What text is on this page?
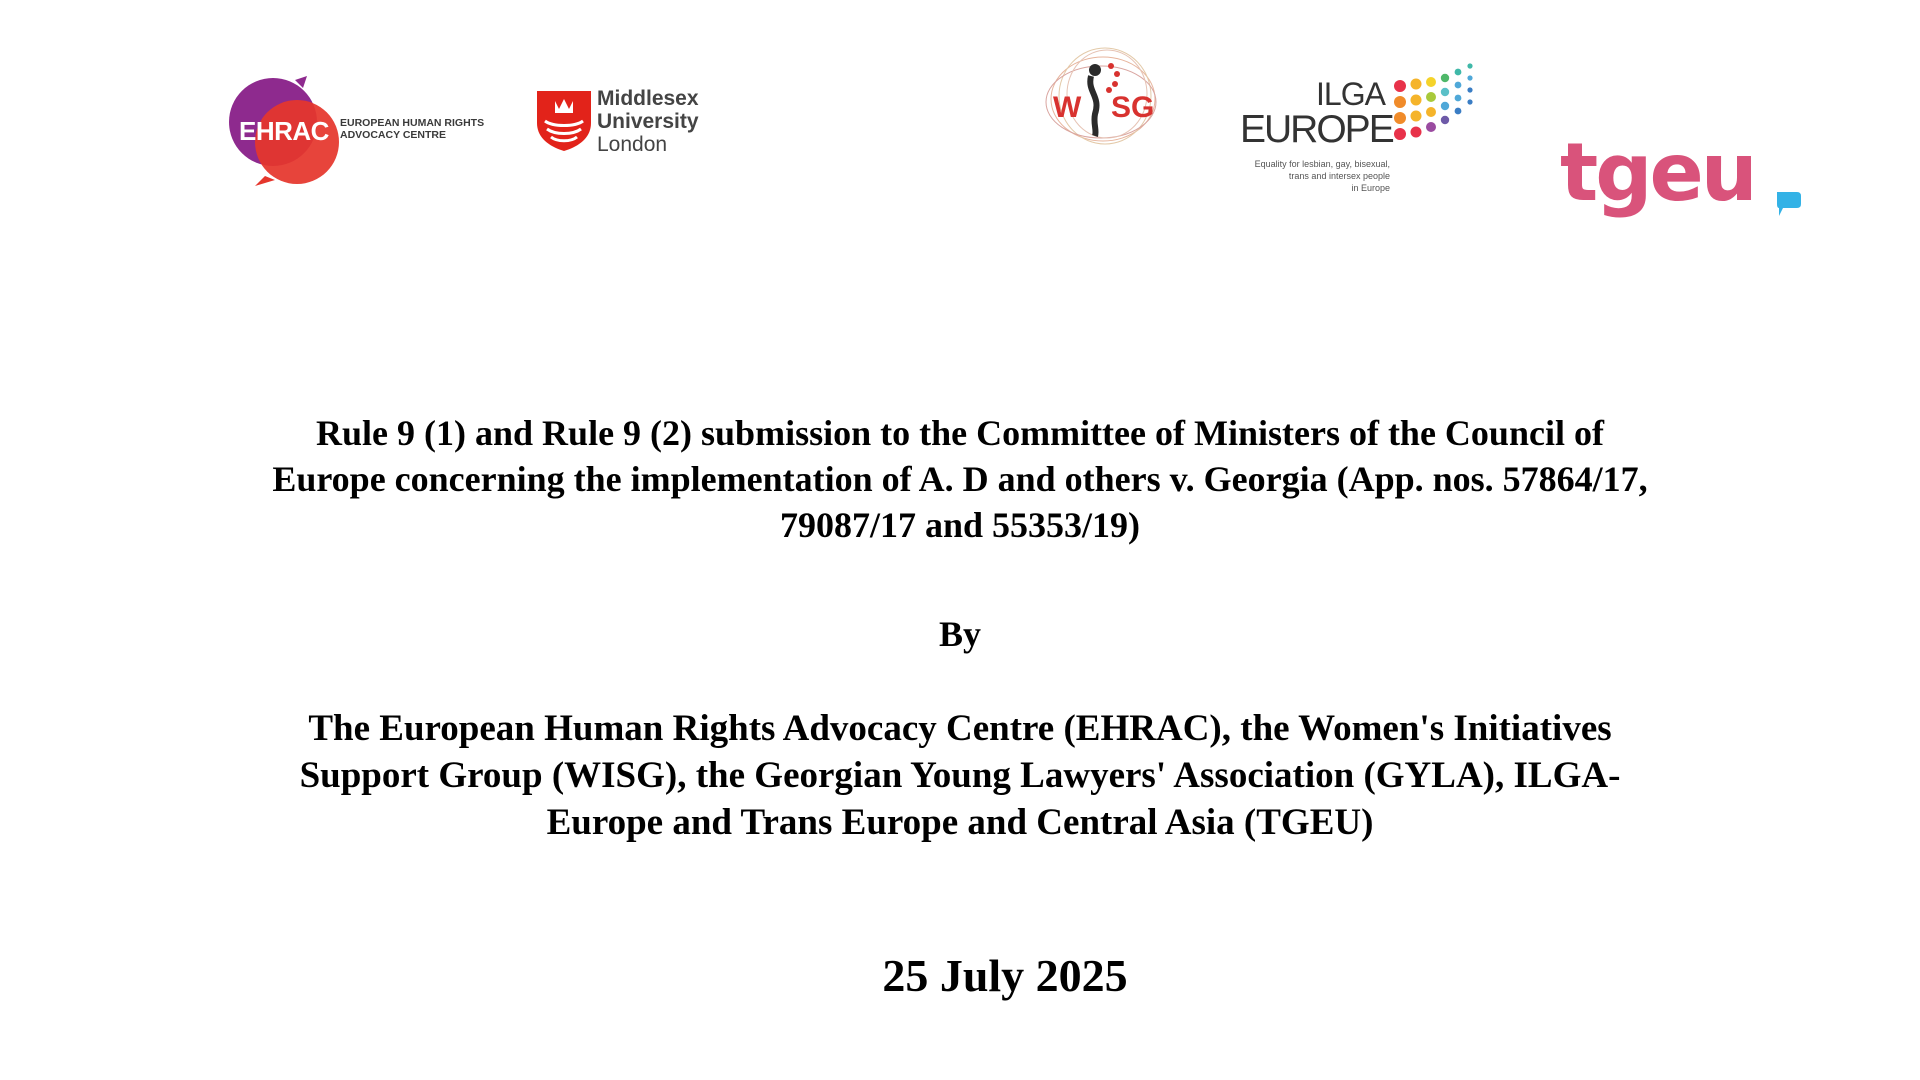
EHRAC EUROPEAN HUMAN RIGHTS
ADVOCACY CENTRE
Middlesex
University
London
W SG	ILGA
EUROPE
Equality for lesbian, gay, bisexual,
trans and intersex people
in Europe tgeu
Rule 9 (1) and Rule 9 (2) submission to the Committee of Ministers of the Council of
Europe concerning the implementation of A. D and others v. Georgia (App. nos. 57864/17,
79087/17 and 55353/19)
By
The European Human Rights Advocacy Centre (EHRAC), the Women's Initiatives
Support Group (WISG), the Georgian Young Lawyers' Association (GYLA), ILGA-
Europe and Trans Europe and Central Asia (TGEU)
25 July 2025
